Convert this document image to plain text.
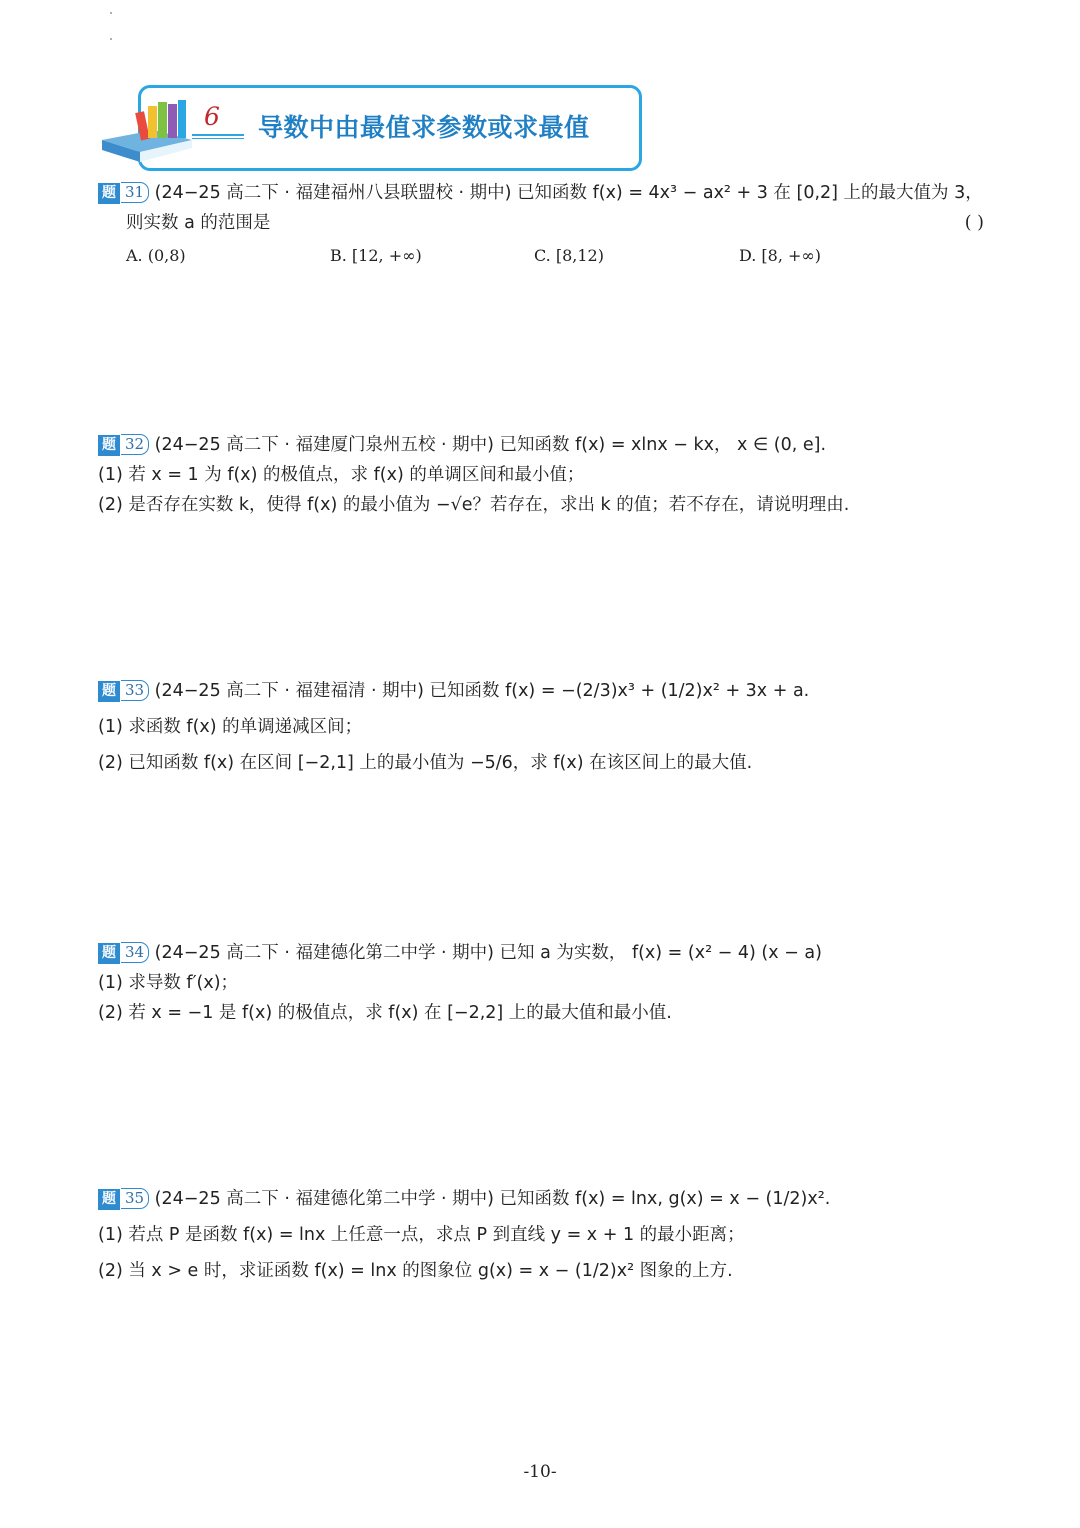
6 导数中由最值求参数或求最值
题 31 (24−25 高二下 · 福建福州八县联盟校 · 期中) 已知函数 f(x) = 4x³ − ax² + 3 在 [0,2] 上的最大值为 3，
则实数 a 的范围是	( )
A. (0,8)	B. [12, +∞)	C. [8,12)	D. [8, +∞)
题 32 (24−25 高二下 · 福建厦门泉州五校 · 期中) 已知函数 f(x) = xlnx − kx， x ∈ (0, e].
(1) 若 x = 1 为 f(x) 的极值点，求 f(x) 的单调区间和最小值；
(2) 是否存在实数 k，使得 f(x) 的最小值为 −√e？若存在，求出 k 的值；若不存在，请说明理由.
题 33 (24−25 高二下 · 福建福清 · 期中) 已知函数 f(x) = −(2/3)x³ + (1/2)x² + 3x + a.
(1) 求函数 f(x) 的单调递减区间；
(2) 已知函数 f(x) 在区间 [−2,1] 上的最小值为 −5/6，求 f(x) 在该区间上的最大值.
题 34 (24−25 高二下 · 福建德化第二中学 · 期中) 已知 a 为实数， f(x) = (x² − 4) (x − a)
(1) 求导数 f′(x)；
(2) 若 x = −1 是 f(x) 的极值点，求 f(x) 在 [−2,2] 上的最大值和最小值.
题 35 (24−25 高二下 · 福建德化第二中学 · 期中) 已知函数 f(x) = lnx, g(x) = x − (1/2)x².
(1) 若点 P 是函数 f(x) = lnx 上任意一点，求点 P 到直线 y = x + 1 的最小距离；
(2) 当 x > e 时，求证函数 f(x) = lnx 的图象位 g(x) = x − (1/2)x² 图象的上方.
-10-
